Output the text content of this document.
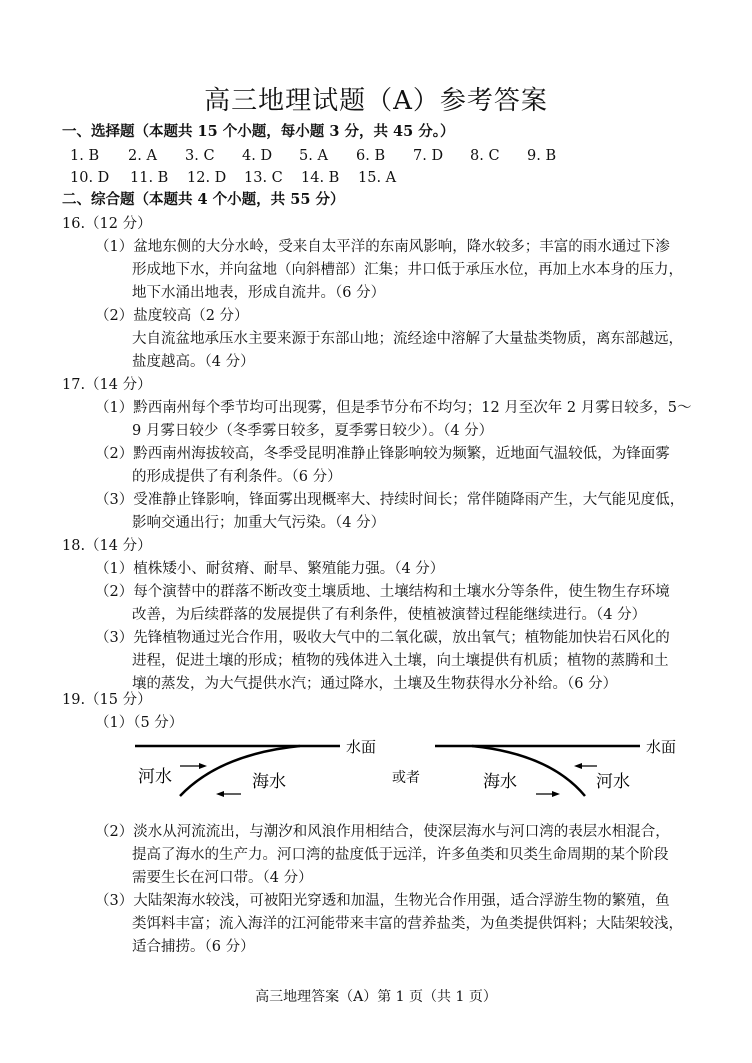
高三地理试题（A）参考答案
一、选择题（本题共 15 个小题，每小题 3 分，共 45 分。）
1. B 2. A 3. C 4. D 5. A 6. B 7. D 8. C 9. B
10. D 11. B 12. D 13. C 14. B 15. A
二、综合题（本题共 4 个小题，共 55 分）
16.（12 分）
（1）盆地东侧的大分水岭，受来自太平洋的东南风影响，降水较多；丰富的雨水通过下渗
形成地下水，并向盆地（向斜槽部）汇集；井口低于承压水位，再加上水本身的压力，
地下水涌出地表，形成自流井。（6 分）
（2）盐度较高（2 分）
大自流盆地承压水主要来源于东部山地；流经途中溶解了大量盐类物质，离东部越远，
盐度越高。（4 分）
17.（14 分）
（1）黔西南州每个季节均可出现雾，但是季节分布不均匀；12 月至次年 2 月雾日较多，5～
9 月雾日较少（冬季雾日较多，夏季雾日较少）。（4 分）
（2）黔西南州海拔较高，冬季受昆明准静止锋影响较为频繁，近地面气温较低，为锋面雾
的形成提供了有利条件。（6 分）
（3）受准静止锋影响，锋面雾出现概率大、持续时间长；常伴随降雨产生，大气能见度低，
影响交通出行；加重大气污染。（4 分）
18.（14 分）
（1）植株矮小、耐贫瘠、耐旱、繁殖能力强。（4 分）
（2）每个演替中的群落不断改变土壤质地、土壤结构和土壤水分等条件，使生物生存环境
改善，为后续群落的发展提供了有利条件，使植被演替过程能继续进行。（4 分）
（3）先锋植物通过光合作用，吸收大气中的二氧化碳，放出氧气；植物能加快岩石风化的
进程，促进土壤的形成；植物的残体进入土壤，向土壤提供有机质；植物的蒸腾和土
壤的蒸发，为大气提供水汽；通过降水，土壤及生物获得水分补给。（6 分）
19.（15 分）
（1）（5 分）
水面
河水	海水	或者
水面
海水	河水
（2）淡水从河流流出，与潮汐和风浪作用相结合，使深层海水与河口湾的表层水相混合，
提高了海水的生产力。河口湾的盐度低于远洋，许多鱼类和贝类生命周期的某个阶段
需要生长在河口带。（4 分）
（3）大陆架海水较浅，可被阳光穿透和加温，生物光合作用强，适合浮游生物的繁殖，鱼
类饵料丰富；流入海洋的江河能带来丰富的营养盐类，为鱼类提供饵料；大陆架较浅，
适合捕捞。（6 分）
高三地理答案（A）第 1 页（共 1 页）
